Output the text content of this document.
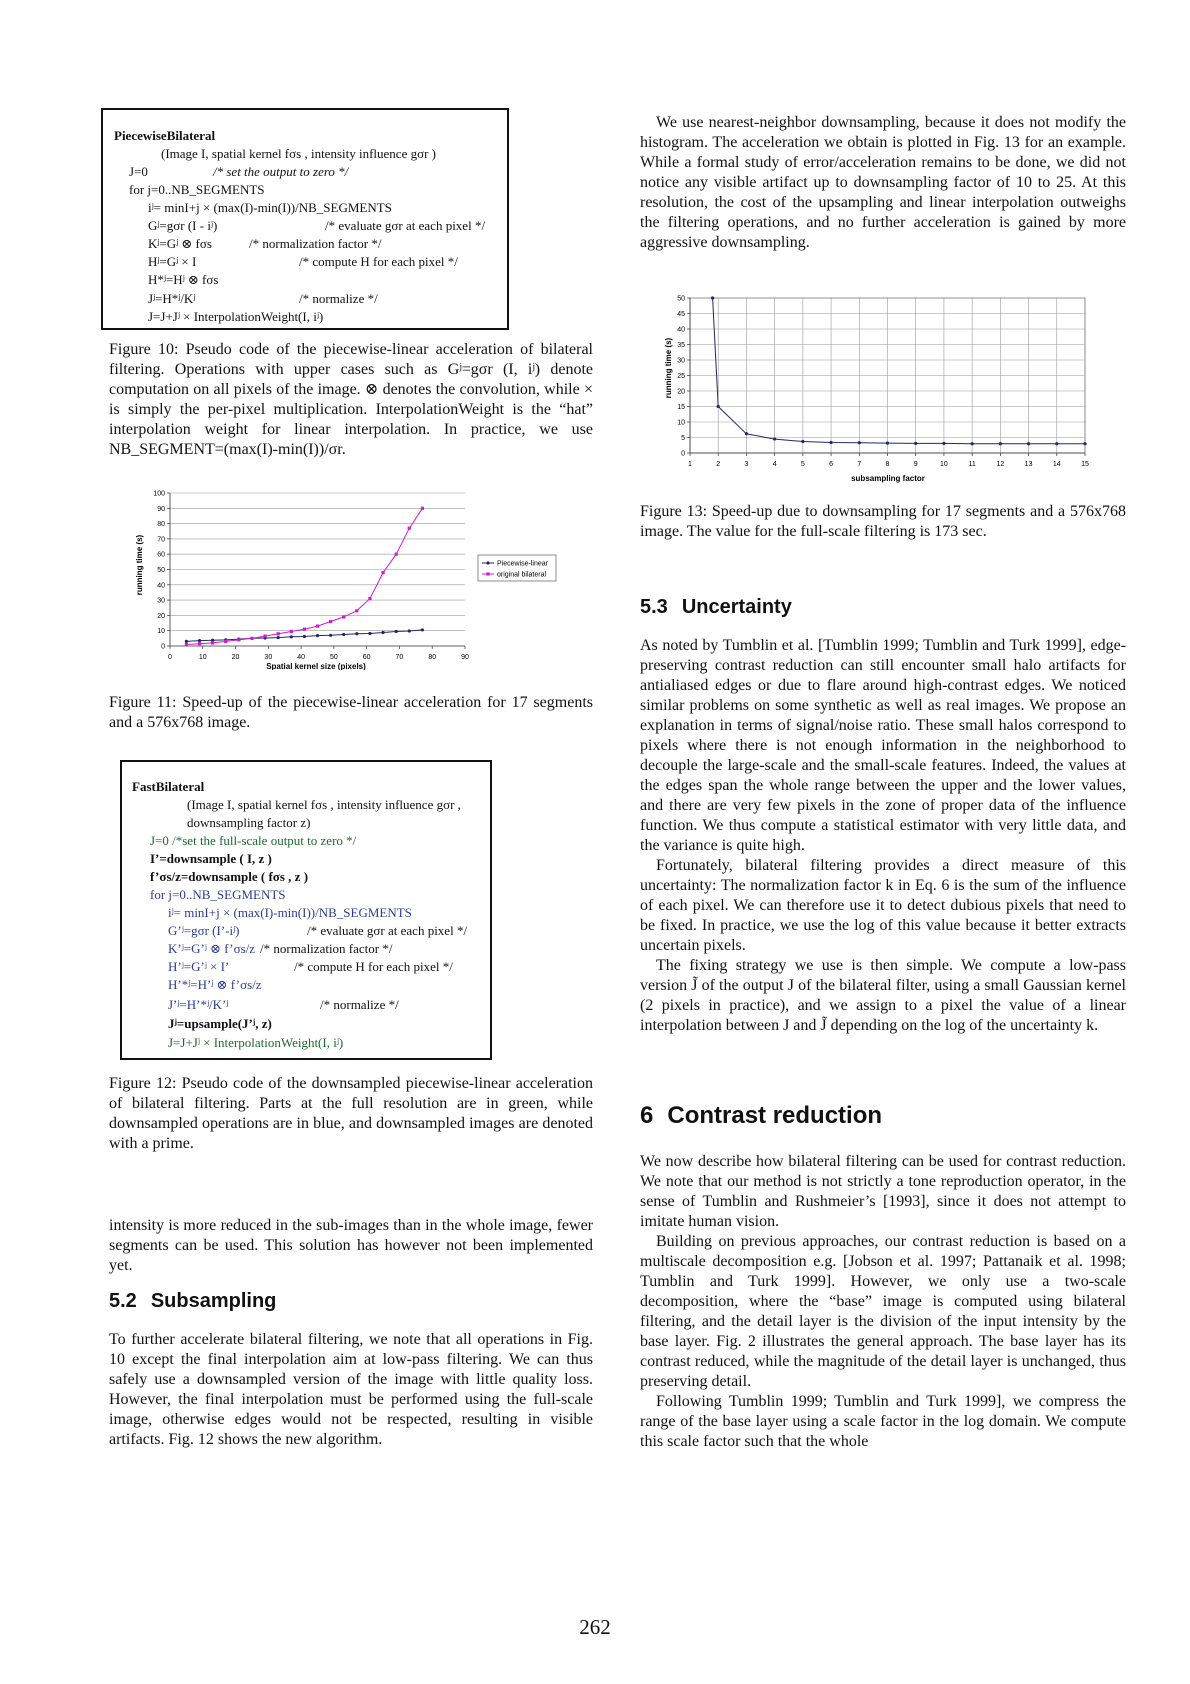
PiecewiseBilateral
(Image I, spatial kernel fσs , intensity influence gσr )
J=0	/* set the output to zero */
for j=0..NB_SEGMENTS
iʲ= minI+j × (max(I)-min(I))/NB_SEGMENTS
Gʲ=gσr (I - iʲ)	/* evaluate gσr at each pixel */
Kʲ=Gʲ ⊗ fσs	/* normalization factor */
Hʲ=Gʲ × I	/* compute H for each pixel */
H*ʲ=Hʲ ⊗ fσs
Jʲ=H*ʲ/Kʲ	/* normalize */
J=J+Jʲ × InterpolationWeight(I, iʲ)
Figure 10: Pseudo code of the piecewise-linear acceleration of bilateral filtering. Operations with upper cases such as Gʲ=gσr (I, iʲ) denote computation on all pixels of the image. ⊗ denotes the convolution, while × is simply the per-pixel multiplication. InterpolationWeight is the “hat” interpolation weight for linear interpolation. In practice, we use NB_SEGMENT=(max(I)-min(I))/σr.
0
10
20
30
40
50
60
70
80
90
100
0	10	20	30	40	50	60	70	80	90
Piecewise-linear
original bilateral
Spatial kernel size (pixels)
running time (s)
Figure 11: Speed-up of the piecewise-linear acceleration for 17 segments and a 576x768 image.
FastBilateral
(Image I, spatial kernel fσs , intensity influence gσr ,
downsampling factor z)
J=0 /*set the full-scale output to zero */
I’=downsample ( I, z )
f’σs/z=downsample ( fσs , z )
for j=0..NB_SEGMENTS
iʲ= minI+j × (max(I)-min(I))/NB_SEGMENTS
G’ʲ=gσr (I’-iʲ)	/* evaluate gσr at each pixel */
K’ʲ=G’ʲ ⊗ f’σs/z /* normalization factor */
H’ʲ=G’ʲ × I’	/* compute H for each pixel */
H’*ʲ=H’ʲ ⊗ f’σs/z
J’ʲ=H’*ʲ/K’ʲ	/* normalize */
Jʲ=upsample(J’ʲ, z)
J=J+Jʲ × InterpolationWeight(I, iʲ)
Figure 12: Pseudo code of the downsampled piecewise-linear acceleration of bilateral filtering. Parts at the full resolution are in green, while downsampled operations are in blue, and downsampled images are denoted with a prime.

intensity is more reduced in the sub-images than in the whole image, fewer segments can be used. This solution has however not been implemented yet.

5.2 Subsampling

To further accelerate bilateral filtering, we note that all operations in Fig. 10 except the final interpolation aim at low-pass filtering. We can thus safely use a downsampled version of the image with little quality loss. However, the final interpolation must be performed using the full-scale image, otherwise edges would not be respected, resulting in visible artifacts. Fig. 12 shows the new algorithm.

We use nearest-neighbor downsampling, because it does not modify the histogram. The acceleration we obtain is plotted in Fig. 13 for an example. While a formal study of error/acceleration remains to be done, we did not notice any visible artifact up to downsampling factor of 10 to 25. At this resolution, the cost of the upsampling and linear interpolation outweighs the filtering operations, and no further acceleration is gained by more aggressive downsampling.

0
5
10
15
20
25
30
35
40
45
50
1	2	3	4	5	6	7	8	9	10	11	12	13	14	15
subsampling factor
running time (s)
Figure 13: Speed-up due to downsampling for 17 segments and a 576x768 image. The value for the full-scale filtering is 173 sec.
5.3 Uncertainty

As noted by Tumblin et al. [Tumblin 1999; Tumblin and Turk 1999], edge-preserving contrast reduction can still encounter small halo artifacts for antialiased edges or due to flare around high-contrast edges. We noticed similar problems on some synthetic as well as real images. We propose an explanation in terms of signal/noise ratio. These small halos correspond to pixels where there is not enough information in the neighborhood to decouple the large-scale and the small-scale features. Indeed, the values at the edges span the whole range between the upper and the lower values, and there are very few pixels in the zone of proper data of the influence function. We thus compute a statistical estimator with very little data, and the variance is quite high.

Fortunately, bilateral filtering provides a direct measure of this uncertainty: The normalization factor k in Eq. 6 is the sum of the influence of each pixel. We can therefore use it to detect dubious pixels that need to be fixed. In practice, we use the log of this value because it better extracts uncertain pixels.

The fixing strategy we use is then simple. We compute a low-pass version J̃ of the output J of the bilateral filter, using a small Gaussian kernel (2 pixels in practice), and we assign to a pixel the value of a linear interpolation between J and J̃ depending on the log of the uncertainty k.

6 Contrast reduction

We now describe how bilateral filtering can be used for contrast reduction. We note that our method is not strictly a tone reproduction operator, in the sense of Tumblin and Rushmeier’s [1993], since it does not attempt to imitate human vision.

Building on previous approaches, our contrast reduction is based on a multiscale decomposition e.g. [Jobson et al. 1997; Pattanaik et al. 1998; Tumblin and Turk 1999]. However, we only use a two-scale decomposition, where the “base” image is computed using bilateral filtering, and the detail layer is the division of the input intensity by the base layer. Fig. 2 illustrates the general approach. The base layer has its contrast reduced, while the magnitude of the detail layer is unchanged, thus preserving detail.

Following Tumblin 1999; Tumblin and Turk 1999], we compress the range of the base layer using a scale factor in the log domain. We compute this scale factor such that the whole

262
